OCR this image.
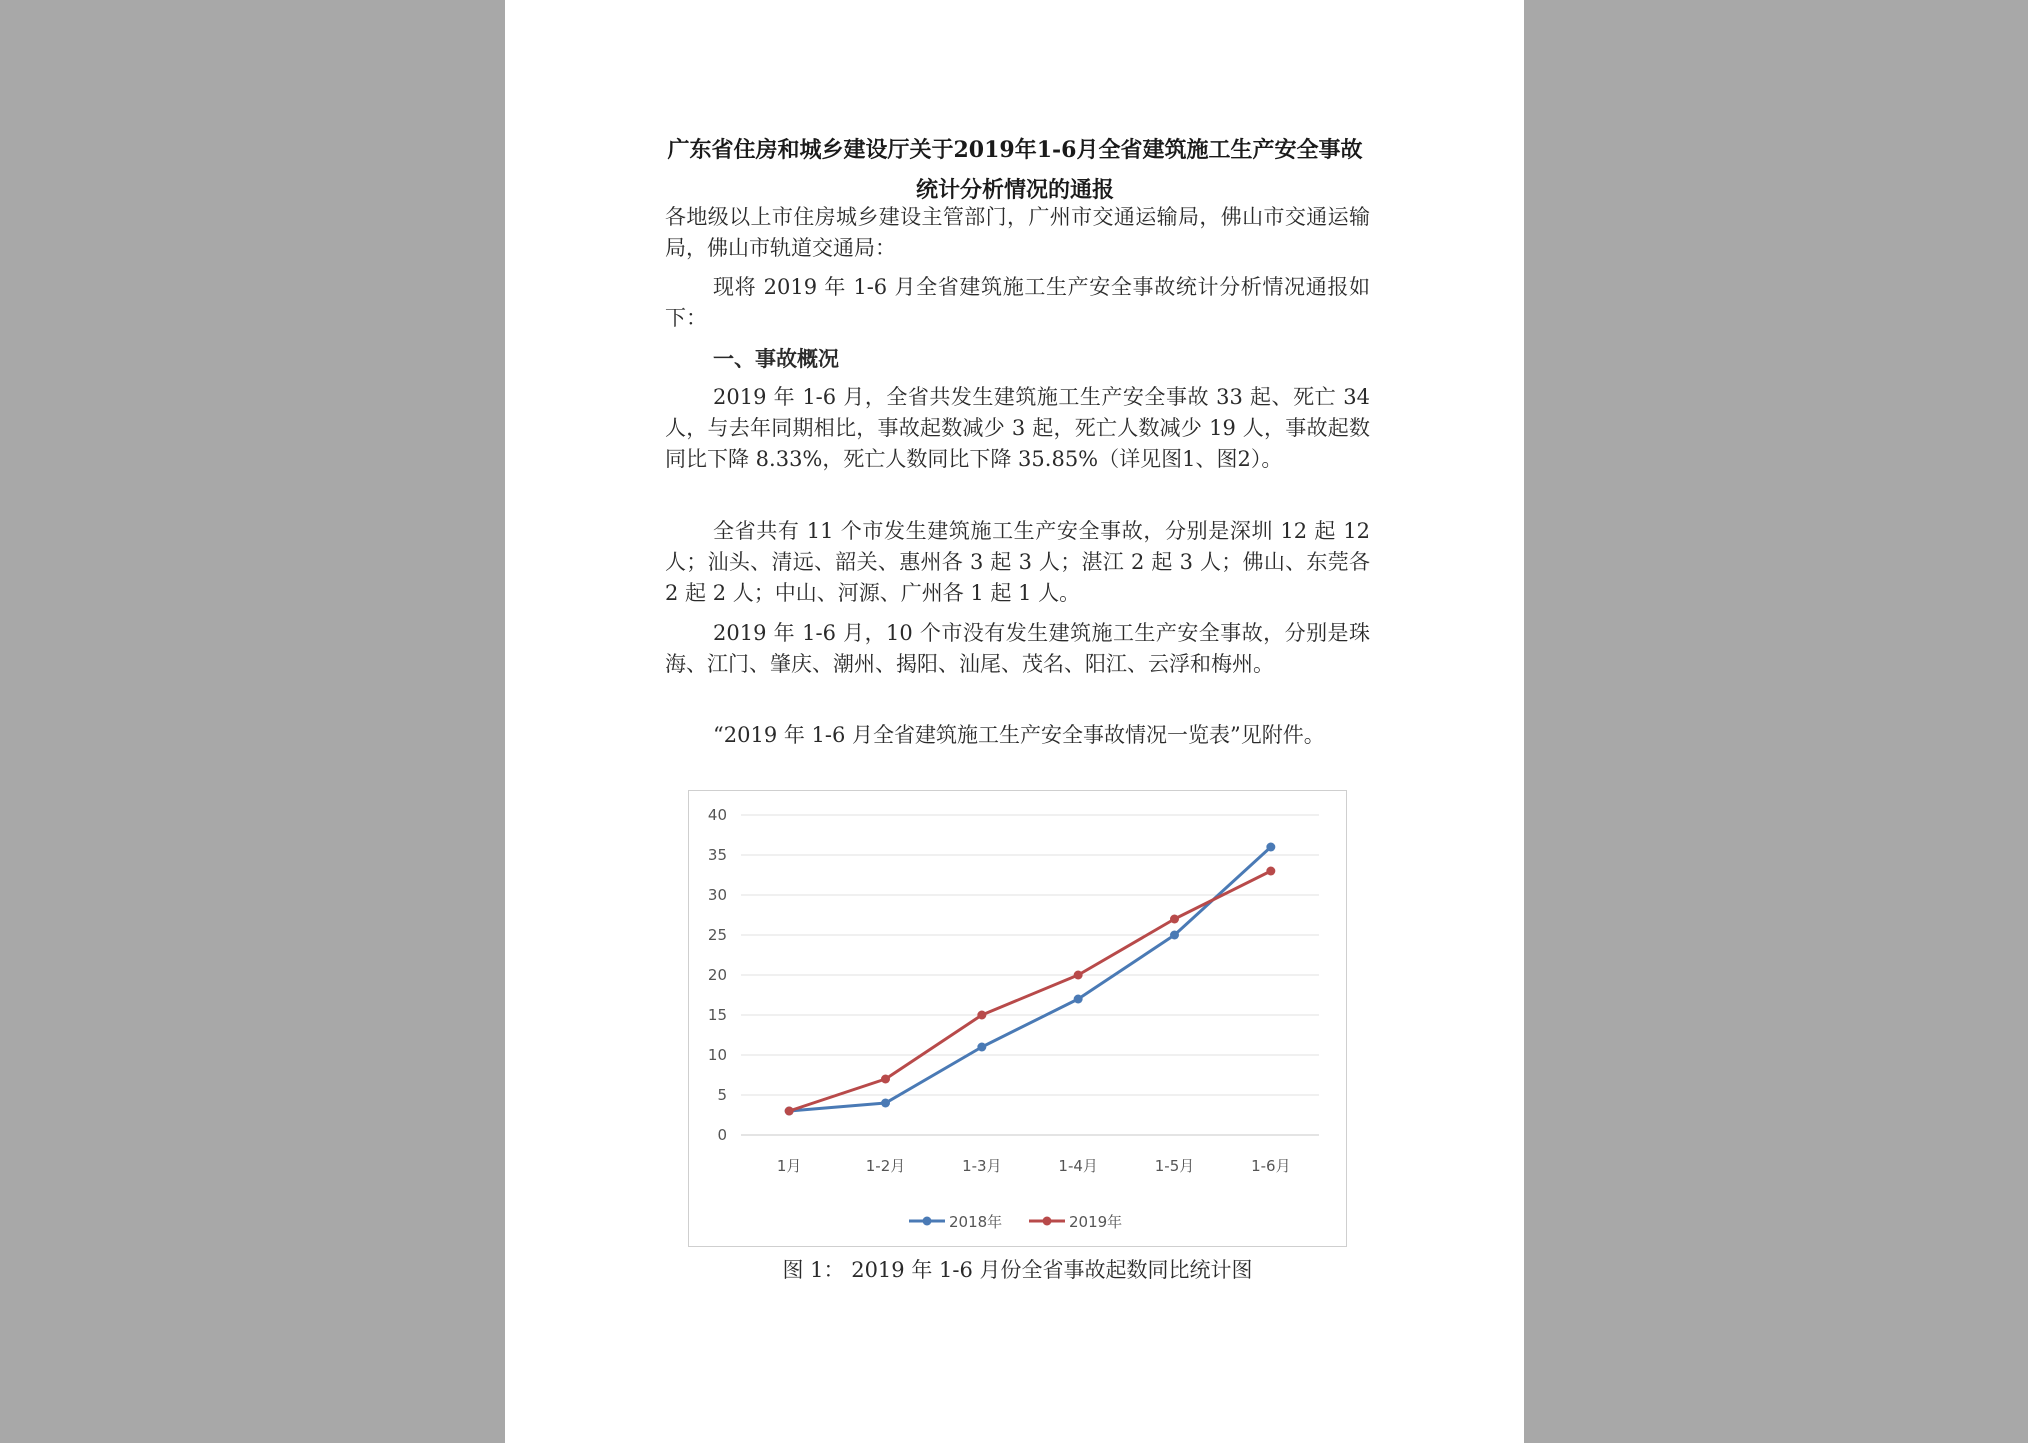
广东省住房和城乡建设厅关于2019年1-6月全省建筑施工生产安全事故统计分析情况的通报
各地级以上市住房城乡建设主管部门，广州市交通运输局，佛山市交通运输局，佛山市轨道交通局：
现将 2019 年 1-6 月全省建筑施工生产安全事故统计分析情况通报如下：
一、事故概况
2019 年 1-6 月，全省共发生建筑施工生产安全事故 33 起、死亡 34 人，与去年同期相比，事故起数减少 3 起，死亡人数减少 19 人，事故起数同比下降 8.33%，死亡人数同比下降 35.85%（详见图1、图2）。
全省共有 11 个市发生建筑施工生产安全事故，分别是深圳 12 起 12 人；汕头、清远、韶关、惠州各 3 起 3 人；湛江 2 起 3 人；佛山、东莞各 2 起 2 人；中山、河源、广州各 1 起 1 人。
2019 年 1-6 月，10 个市没有发生建筑施工生产安全事故，分别是珠海、江门、肇庆、潮州、揭阳、汕尾、茂名、阳江、云浮和梅州。
“2019 年 1-6 月全省建筑施工生产安全事故情况一览表”见附件。
0
5
10
15
20
25
30
35
40
1月	1-2月	1-3月	1-4月	1-5月	1-6月
2018年	2019年
图 1： 2019 年 1-6 月份全省事故起数同比统计图
